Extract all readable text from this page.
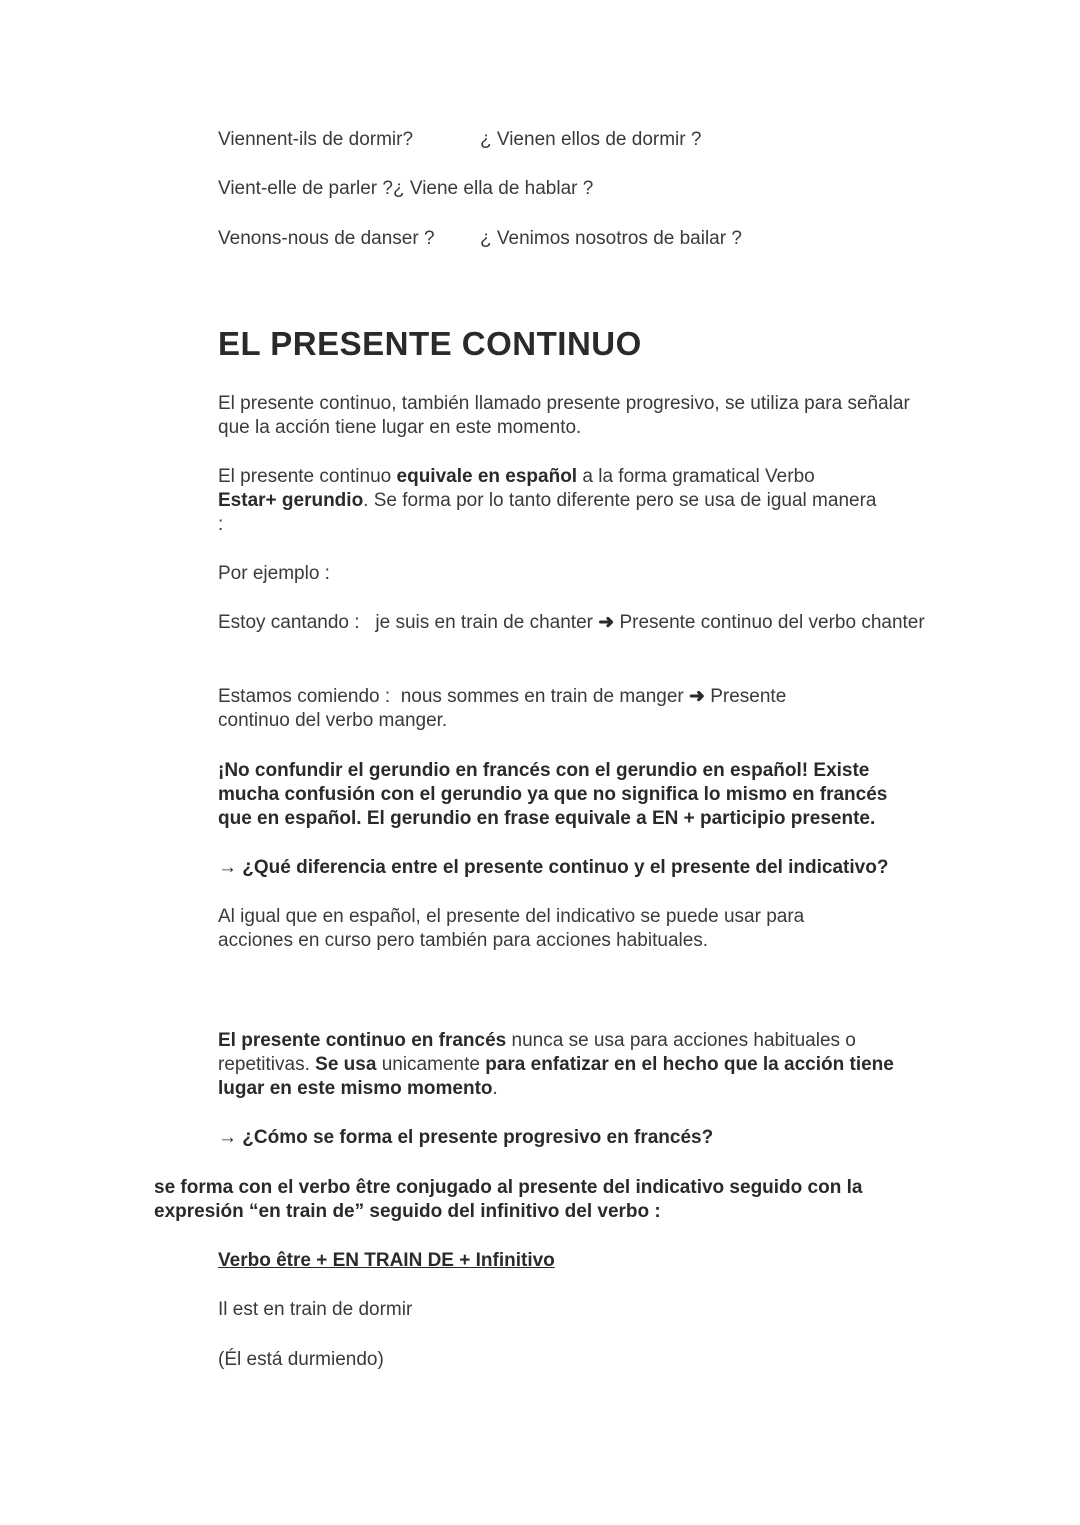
Viennent-ils de dormir?	¿ Vienen ellos de dormir ?
Vient-elle de parler ?¿ Viene ella de hablar ?
Venons-nous de danser ? ¿ Venimos nosotros de bailar ?
EL PRESENTE CONTINUO
El presente continuo, también llamado presente progresivo, se utiliza para señalar que la acción tiene lugar en este momento.
El presente continuo equivale en español a la forma gramatical Verbo Estar+ gerundio. Se forma por lo tanto diferente pero se usa de igual manera :
Por ejemplo :
Estoy cantando : je suis en train de chanter ➜ Presente continuo del verbo chanter
Estamos comiendo : nous sommes en train de manger ➜ Presente continuo del verbo manger.
¡No confundir el gerundio en francés con el gerundio en español! Existe mucha confusión con el gerundio ya que no significa lo mismo en francés que en español. El gerundio en frase equivale a EN + participio presente.
→ ¿Qué diferencia entre el presente continuo y el presente del indicativo?
Al igual que en español, el presente del indicativo se puede usar para acciones en curso pero también para acciones habituales.
El presente continuo en francés nunca se usa para acciones habituales o repetitivas. Se usa unicamente para enfatizar en el hecho que la acción tiene lugar en este mismo momento.
→ ¿Cómo se forma el presente progresivo en francés?
se forma con el verbo être conjugado al presente del indicativo seguido con la expresión “en train de” seguido del infinitivo del verbo :
Verbo être + EN TRAIN DE + Infinitivo
Il est en train de dormir
(Él está durmiendo)
